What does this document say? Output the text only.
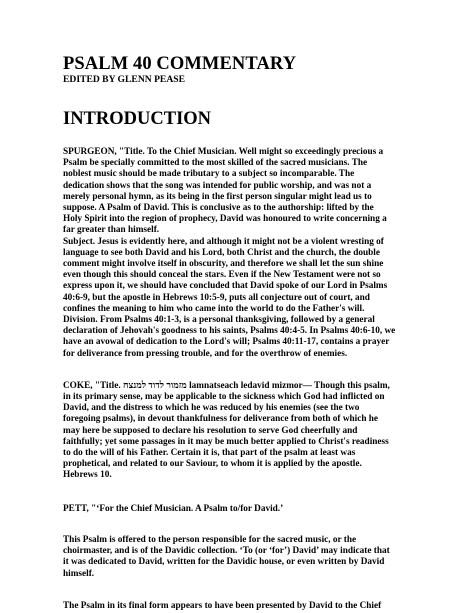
PSALM 40 COMMENTARY
EDITED BY GLENN PEASE
INTRODUCTION
SPURGEON, "Title. To the Chief Musician. Well might so exceedingly precious a
Psalm be specially committed to the most skilled of the sacred musicians. The
noblest music should be made tributary to a subject so incomparable. The
dedication shows that the song was intended for public worship, and was not a
merely personal hymn, as its being in the first person singular might lead us to
suppose. A Psalm of David. This is conclusive as to the authorship: lifted by the
Holy Spirit into the region of prophecy, David was honoured to write concerning a
far greater than himself.
Subject. Jesus is evidently here, and although it might not be a violent wresting of
language to see both David and his Lord, both Christ and the church, the double
comment might involve itself in obscurity, and therefore we shall let the sun shine
even though this should conceal the stars. Even if the New Testament were not so
express upon it, we should have concluded that David spoke of our Lord in Psalms
40:6-9, but the apostle in Hebrews 10:5-9, puts all conjecture out of court, and
confines the meaning to him who came into the world to do the Father's will.
Division. From Psalms 40:1-3, is a personal thanksgiving, followed by a general
declaration of Jehovah's goodness to his saints, Psalms 40:4-5. In Psalms 40:6-10, we
have an avowal of dedication to the Lord's will; Psalms 40:11-17, contains a prayer
for deliverance from pressing trouble, and for the overthrow of enemies.
COKE, "Title. מזמור לדוד למנצח lamnatseach ledavid mizmor— Though this psalm,
in its primary sense, may be applicable to the sickness which God had inflicted on
David, and the distress to which he was reduced by his enemies (see the two
foregoing psalms), in devout thankfulness for deliverance from both of which he
may here be supposed to declare his resolution to serve God cheerfully and
faithfully; yet some passages in it may be much better applied to Christ's readiness
to do the will of his Father. Certain it is, that part of the psalm at least was
prophetical, and related to our Saviour, to whom it is applied by the apostle.
Hebrews 10.
PETT, "‘For the Chief Musician. A Psalm to/for David.’
This Psalm is offered to the person responsible for the sacred music, or the
choirmaster, and is of the Davidic collection. ‘To (or ‘for’) David’ may indicate that
it was dedicated to David, written for the Davidic house, or even written by David
himself.
The Psalm in its final form appears to have been presented by David to the Chief
